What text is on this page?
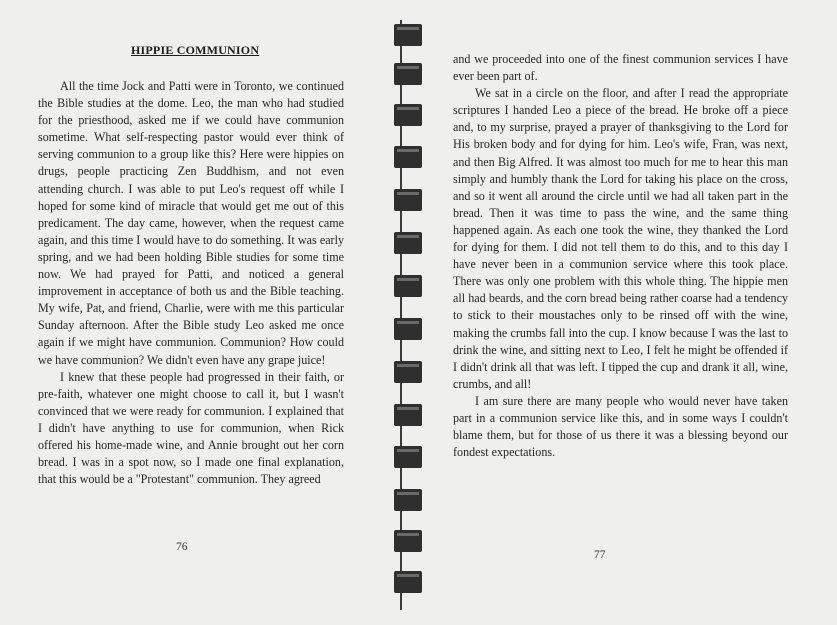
HIPPIE COMMUNION

All the time Jock and Patti were in Toronto, we continued the Bible studies at the dome. Leo, the man who had studied for the priesthood, asked me if we could have communion sometime. What self-respecting pastor would ever think of serving communion to a group like this? Here were hippies on drugs, people practicing Zen Buddhism, and not even attending church. I was able to put Leo's request off while I hoped for some kind of miracle that would get me out of this predicament. The day came, however, when the request came again, and this time I would have to do something. It was early spring, and we had been holding Bible studies for some time now. We had prayed for Patti, and noticed a general improvement in acceptance of both us and the Bible teaching. My wife, Pat, and friend, Charlie, were with me this particular Sunday afternoon. After the Bible study Leo asked me once again if we might have communion. Communion? How could we have communion? We didn't even have any grape juice!

I knew that these people had progressed in their faith, or pre-faith, whatever one might choose to call it, but I wasn't convinced that we were ready for communion. I explained that I didn't have anything to use for communion, when Rick offered his home-made wine, and Annie brought out her corn bread. I was in a spot now, so I made one final explanation, that this would be a "Protestant" communion. They agreed

76

and we proceeded into one of the finest communion services I have ever been part of.

We sat in a circle on the floor, and after I read the appropriate scriptures I handed Leo a piece of the bread. He broke off a piece and, to my surprise, prayed a prayer of thanksgiving to the Lord for His broken body and for dying for him. Leo's wife, Fran, was next, and then Big Alfred. It was almost too much for me to hear this man simply and humbly thank the Lord for taking his place on the cross, and so it went all around the circle until we had all taken part in the bread. Then it was time to pass the wine, and the same thing happened again. As each one took the wine, they thanked the Lord for dying for them. I did not tell them to do this, and to this day I have never been in a communion service where this took place. There was only one problem with this whole thing. The hippie men all had beards, and the corn bread being rather coarse had a tendency to stick to their moustaches only to be rinsed off with the wine, making the crumbs fall into the cup. I know because I was the last to drink the wine, and sitting next to Leo, I felt he might be offended if I didn't drink all that was left. I tipped the cup and drank it all, wine, crumbs, and all!

I am sure there are many people who would never have taken part in a communion service like this, and in some ways I couldn't blame them, but for those of us there it was a blessing beyond our fondest expectations.

77
